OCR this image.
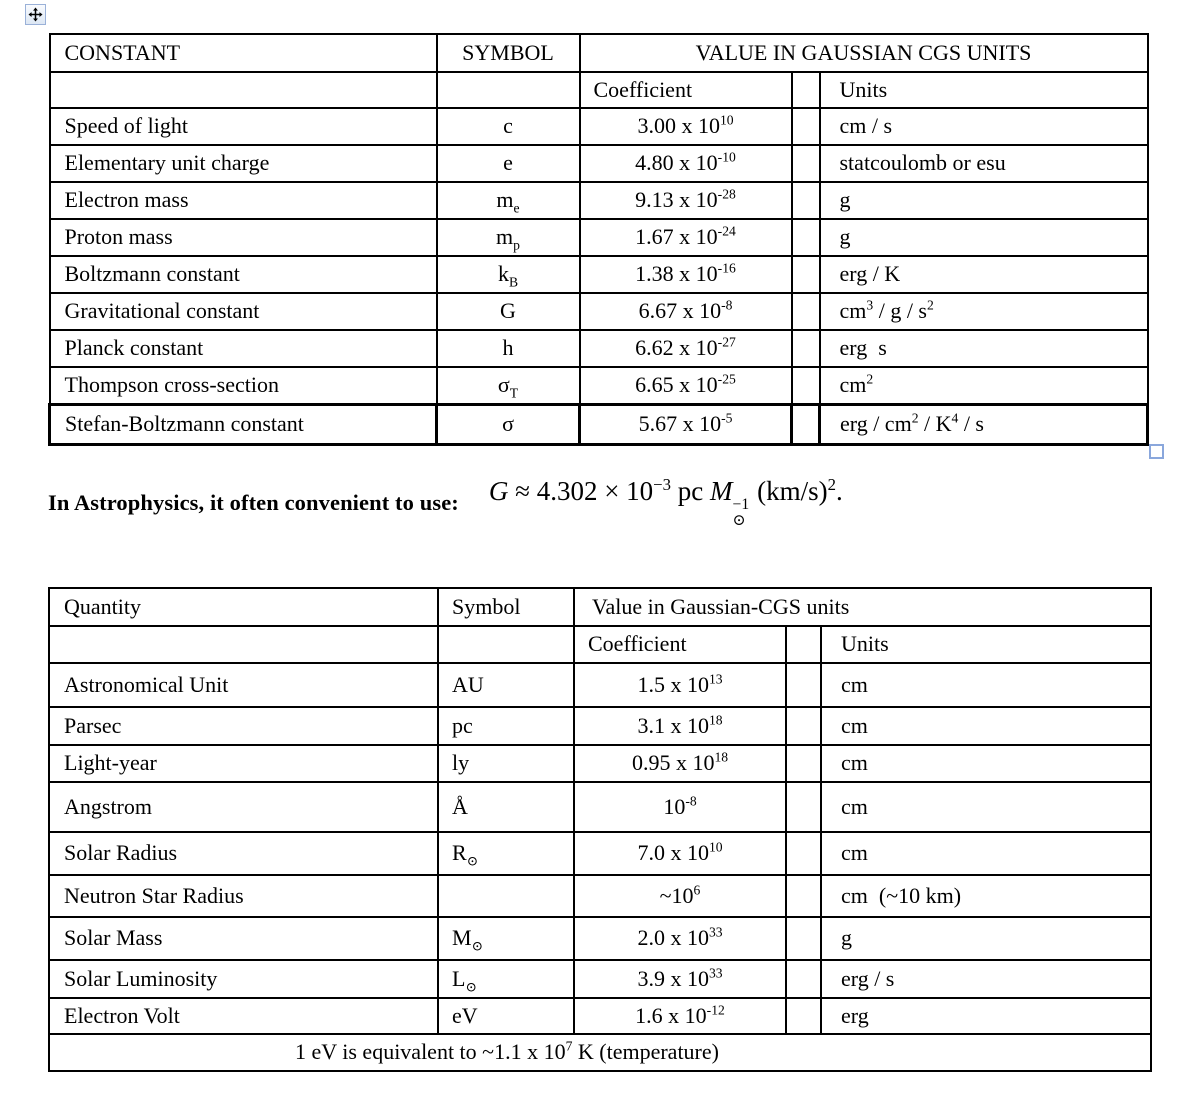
CONSTANT	SYMBOL	VALUE IN GAUSSIAN CGS UNITS		
		Coefficient		Units
Speed of light	c	3.00 x $10^{10}$		cm / s
Elementary unit charge	e	4.80 x $10^{-10}$		statcoulomb or esu
Electron mass	$m_e$	9.13 x $10^{-28}$		g
Proton mass	$m_p$	1.67 x $10^{-24}$		g
Boltzmann constant	$k_B$	1.38 x $10^{-16}$		erg / K
Gravitational constant	G	6.67 x $10^{-8}$		$cm^3$ / g / $s^2$
Planck constant	h	6.62 x $10^{-27}$		erg  s
Thompson cross-section	$\sigma_T$	6.65 x $10^{-25}$		$cm^2$
Stefan-Boltzmann constant	σ	5.67 x $10^{-5}$		erg / $cm^2 / K^4$ / s
In Astrophysics, it often convenient to use: $G \approx 4.302 \times 10^{-3}$ pc M −1
⊙
$(km/s)^2$.
Quantity	Symbol	Value in Gaussian-CGS units		
		Coefficient		Units
Astronomical Unit	AU	1.5 x $10^{13}$		cm
Parsec	pc	3.1 x $10^{18}$		cm
Light-year	ly	0.95 x $10^{18}$		cm
Angstrom	Å	$10^{-8}$		cm
Solar Radius	$R_⊙$	7.0 x $10^{10}$		cm
Neutron Star Radius		$\sim 10^6$		cm  (~10 km)
Solar Mass	$M_⊙$	2.0 x $10^{33}$		g
Solar Luminosity	$L_⊙$	3.9 x $10^{33}$		erg / s
Electron Volt	eV	1.6 x $10^{-12}$		erg
1 eV is equivalent to ~1.1 x $10^7$ K (temperature)				
